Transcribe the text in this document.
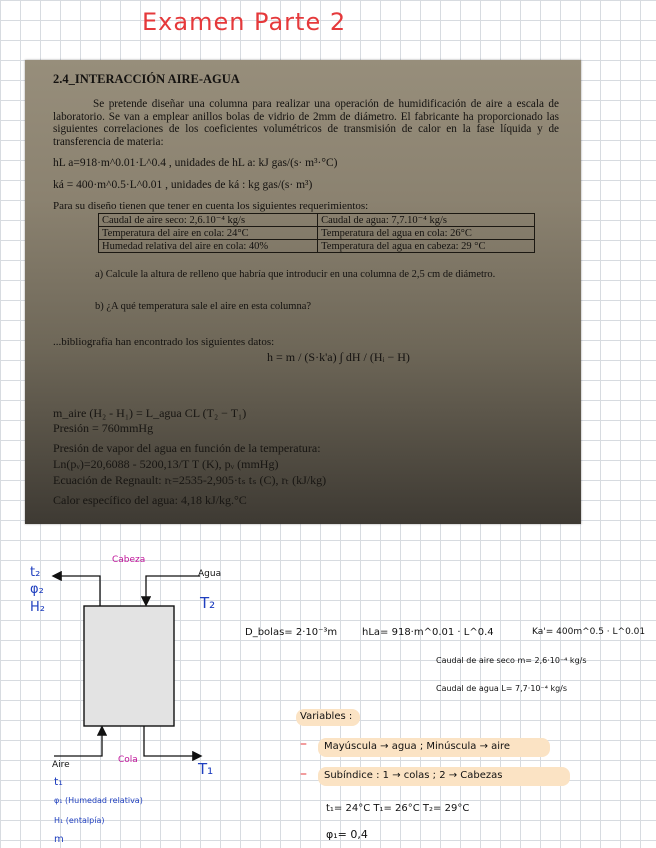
Examen Parte 2
2.4_INTERACCIÓN AIRE-AGUA
Se pretende diseñar una columna para realizar una operación de humidificación de aire a escala de laboratorio. Se van a emplear anillos bolas de vidrio de 2mm de diámetro. El fabricante ha proporcionado las siguientes correlaciones de los coeficientes volumétricos de transmisión de calor en la fase líquida y de transferencia de materia:
hL a=918·m^0.01·L^0.4 , unidades de hL a: kJ gas/(s· m³·°C)
ká = 400·m^0.5·L^0.01 , unidades de ká : kg gas/(s· m³)
Para su diseño tienen que tener en cuenta los siguientes requerimientos:
Caudal de aire seco: 2,6.10⁻⁴ kg/s	Caudal de agua: 7,7.10⁻⁴ kg/s
Temperatura del aire en cola: 24°C	Temperatura del agua en cola: 26°C
Humedad relativa del aire en cola: 40%	Temperatura del agua en cabeza: 29 °C
a) Calcule la altura de relleno que habría que introducir en una columna de 2,5 cm de diámetro.
b) ¿A qué temperatura sale el aire en esta columna?
...bibliografía han encontrado los siguientes datos:
h = m / (S·k'a) ∫ dH / (Hᵢ − H)
m_aire (H₂ - H₁) = L_agua CL (T₂ − T₁)
Presión = 760mmHg
Presión de vapor del agua en función de la temperatura:
Ln(pᵥ)=20,6088 - 5200,13/T T (K), pᵥ (mmHg)
Ecuación de Regnault: rₜ=2535-2,905·tₛ tₛ (C), rₜ (kJ/kg)
Calor específico del agua: 4,18 kJ/kg.°C
Cabeza
Cola
t₂
φ₂
H₂
Agua
T₂
Aire
t₁
φ₁ (Humedad relativa)
H₁ (entalpía)
m
T₁
D_bolas= 2·10⁻³m hLa= 918·m^0.01 · L^0.4	Ka'= 400m^0.5 · L^0.01
Caudal de aire seco m= 2,6·10⁻⁴ kg/s
Caudal de agua L= 7,7·10⁻⁴ kg/s
Variables :
– Mayúscula → agua ; Minúscula → aire
– Subíndice : 1 → colas ; 2 → Cabezas
t₁= 24°C T₁= 26°C T₂= 29°C
φ₁= 0,4
